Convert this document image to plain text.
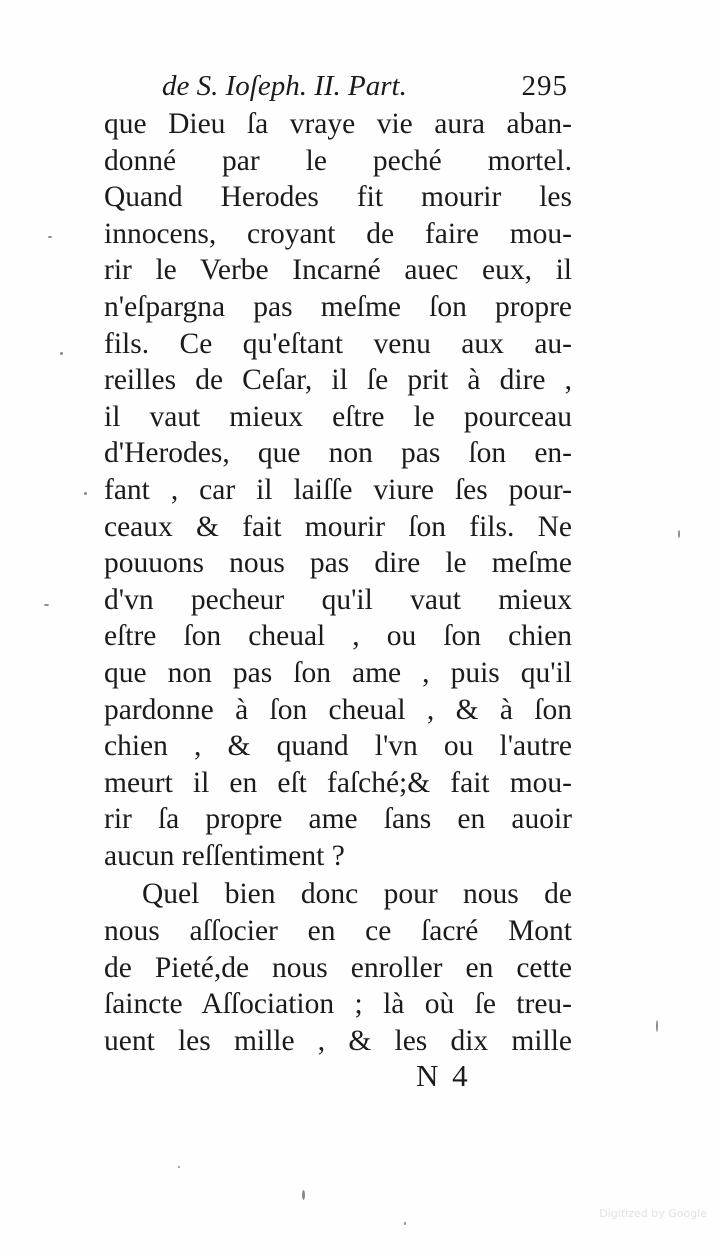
de S. Ioſeph. II. Part.	295
que Dieu ſa vraye vie aura aban-
donné par le peché mortel.
Quand Herodes fit mourir les
innocens, croyant de faire mou-
rir le Verbe Incarné auec eux, il
n'eſpargna pas meſme ſon propre
fils. Ce qu'eſtant venu aux au-
reilles de Ceſar, il ſe prit à dire ,
il vaut mieux eſtre le pourceau
d'Herodes, que non pas ſon en-
fant , car il laiſſe viure ſes pour-
ceaux & fait mourir ſon fils. Ne
pouuons nous pas dire le meſme
d'vn pecheur qu'il vaut mieux
eſtre ſon cheual , ou ſon chien
que non pas ſon ame , puis qu'il
pardonne à ſon cheual , & à ſon
chien , & quand l'vn ou l'autre
meurt il en eſt faſché;& fait mou-
rir ſa propre ame ſans en auoir
aucun reſſentiment ?
Quel bien donc pour nous de
nous aſſocier en ce ſacré Mont
de Pieté,de nous enroller en cette
ſaincte Aſſociation ; là où ſe treu-
uent les mille , & les dix mille
N 4
Digitized by Google
